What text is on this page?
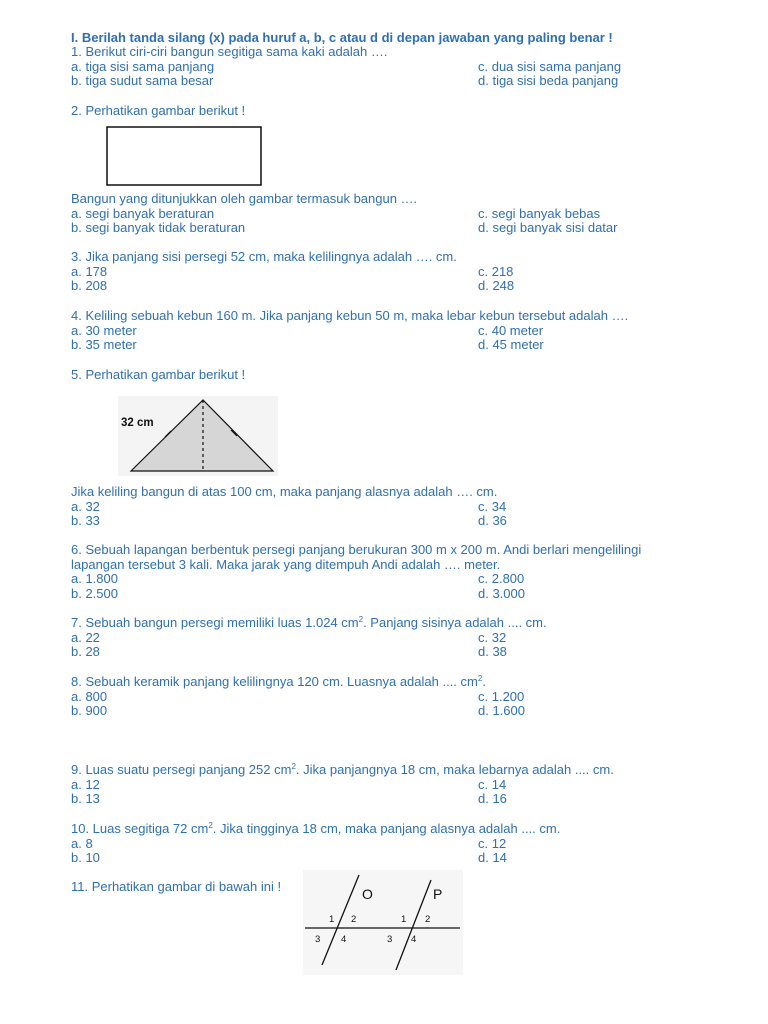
I. Berilah tanda silang (x) pada huruf a, b, c atau d di depan jawaban yang paling benar !
1. Berikut ciri-ciri bangun segitiga sama kaki adalah ….
a. tiga sisi sama panjang	c. dua sisi sama panjang
b. tiga sudut sama besar	d. tiga sisi beda panjang
2. Perhatikan gambar berikut !
Bangun yang ditunjukkan oleh gambar termasuk bangun ….
a. segi banyak beraturan	c. segi banyak bebas
b. segi banyak tidak beraturan	d. segi banyak sisi datar
3. Jika panjang sisi persegi 52 cm, maka kelilingnya adalah …. cm.
a. 178	c. 218
b. 208	d. 248
4. Keliling sebuah kebun 160 m. Jika panjang kebun 50 m, maka lebar kebun tersebut adalah ….
a. 30 meter	c. 40 meter
b. 35 meter	d. 45 meter
5. Perhatikan gambar berikut !
32 cm
Jika keliling bangun di atas 100 cm, maka panjang alasnya adalah …. cm.
a. 32	c. 34
b. 33	d. 36
6. Sebuah lapangan berbentuk persegi panjang berukuran 300 m x 200 m. Andi berlari mengelilingi
lapangan tersebut 3 kali. Maka jarak yang ditempuh Andi adalah …. meter.
a. 1.800	c. 2.800
b. 2.500	d. 3.000
7. Sebuah bangun persegi memiliki luas 1.024 $cm^2$. Panjang sisinya adalah .... cm.
a. 22	c. 32
b. 28	d. 38
8. Sebuah keramik panjang kelilingnya 120 cm. Luasnya adalah .... $cm^2$.
a. 800	c. 1.200
b. 900	d. 1.600
9. Luas suatu persegi panjang 252 $cm^2$. Jika panjangnya 18 cm, maka lebarnya adalah .... cm.
a. 12	c. 14
b. 13	d. 16
10. Luas segitiga 72 $cm^2$. Jika tingginya 18 cm, maka panjang alasnya adalah .... cm.
a. 8	c. 12
b. 10	d. 14
11. Perhatikan gambar di bawah ini !	O	P
1 2
3 4
1 2
3 4
